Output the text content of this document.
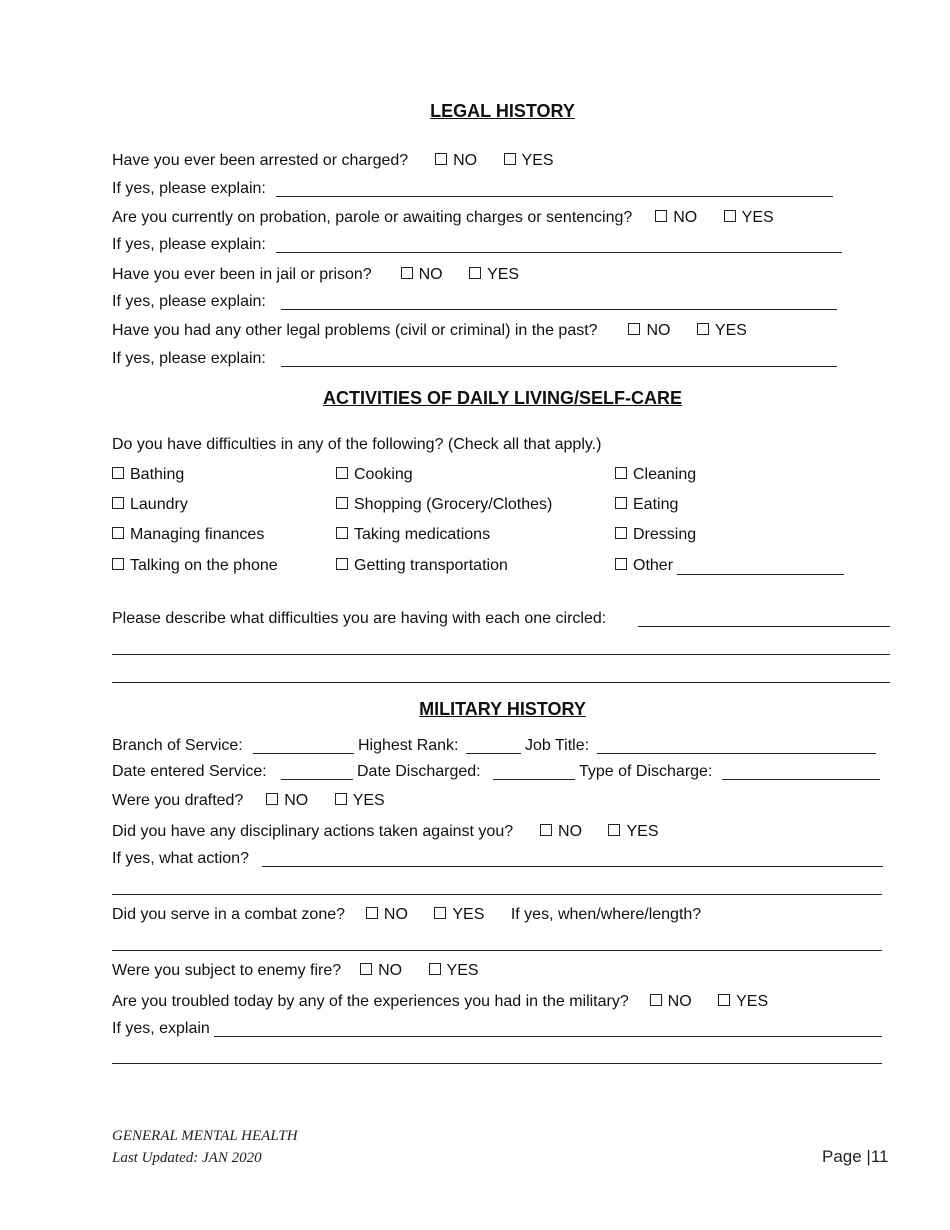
LEGAL HISTORY
Have you ever been arrested or charged?	NO	YES
If yes, please explain:
Are you currently on probation, parole or awaiting charges or sentencing?	NO	YES
If yes, please explain:
Have you ever been in jail or prison?	NO	YES
If yes, please explain:
Have you had any other legal problems (civil or criminal) in the past?	NO	YES
If yes, please explain:
ACTIVITIES OF DAILY LIVING/SELF-CARE
Do you have difficulties in any of the following? (Check all that apply.)
Bathing	Cooking	Cleaning
Laundry	Shopping (Grocery/Clothes)	Eating
Managing finances	Taking medications	Dressing
Talking on the phone	Getting transportation	Other
Please describe what difficulties you are having with each one circled:
MILITARY HISTORY
Branch of Service:	Highest Rank:	Job Title:
Date entered Service:	Date Discharged:	Type of Discharge:
Were you drafted?	NO	YES
Did you have any disciplinary actions taken against you?	NO	YES
If yes, what action?
Did you serve in a combat zone? NO	YES If yes, when/where/length?
Were you subject to enemy fire? NO	YES
Are you troubled today by any of the experiences you had in the military? NO	YES
If yes, explain
GENERAL MENTAL HEALTH
Last Updated: JAN 2020	Page |11
